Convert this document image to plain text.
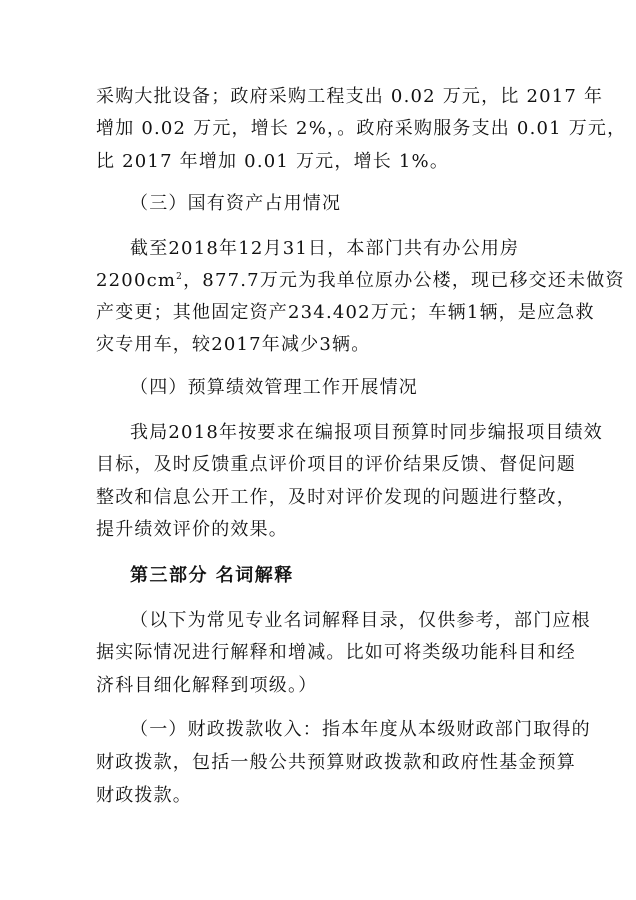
采购大批设备；政府采购工程支出 0.02 万元，比 2017 年
增加 0.02 万元，增长 2%，。政府采购服务支出 0.01 万元，
比 2017 年增加 0.01 万元，增长 1%。
（三）国有资产占用情况
截至2018年12月31日，本部门共有办公用房
$2200cm^2$，877.7万元为我单位原办公楼，现已移交还未做资
产变更；其他固定资产234.402万元；车辆1辆，是应急救
灾专用车，较2017年减少3辆。
（四）预算绩效管理工作开展情况
我局2018年按要求在编报项目预算时同步编报项目绩效
目标，及时反馈重点评价项目的评价结果反馈、督促问题
整改和信息公开工作，及时对评价发现的问题进行整改，
提升绩效评价的效果。
第三部分 名词解释
（以下为常见专业名词解释目录，仅供参考，部门应根
据实际情况进行解释和增减。比如可将类级功能科目和经
济科目细化解释到项级。）
（一）财政拨款收入：指本年度从本级财政部门取得的
财政拨款，包括一般公共预算财政拨款和政府性基金预算
财政拨款。
